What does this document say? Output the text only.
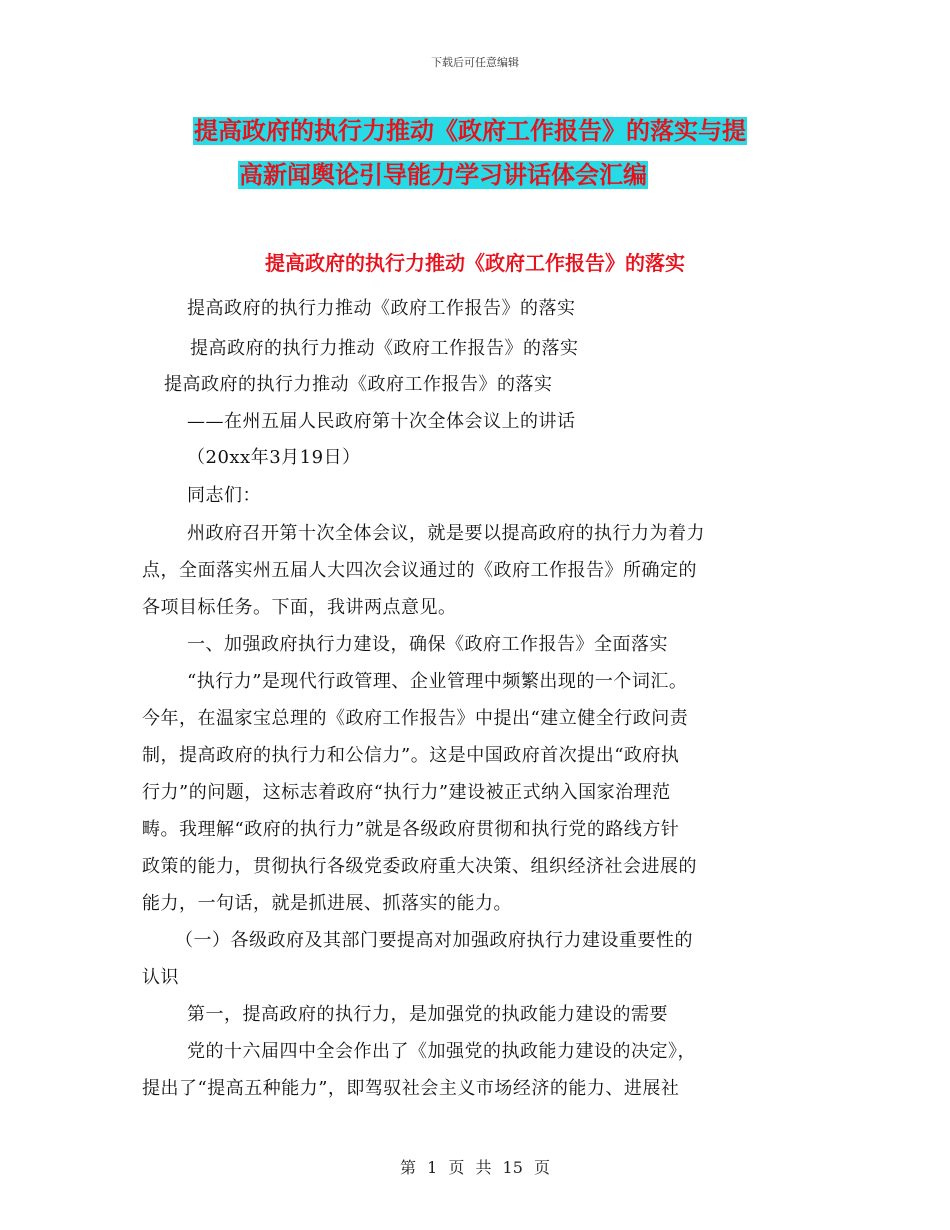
下载后可任意编辑
提高政府的执行力推动《政府工作报告》的落实与提
高新闻舆论引导能力学习讲话体会汇编
提高政府的执行力推动《政府工作报告》的落实
提高政府的执行力推动《政府工作报告》的落实
提高政府的执行力推动《政府工作报告》的落实
提高政府的执行力推动《政府工作报告》的落实
——在州五届人民政府第十次全体会议上的讲话
（20xx年3月19日）
同志们：
州政府召开第十次全体会议，就是要以提高政府的执行力为着力
点，全面落实州五届人大四次会议通过的《政府工作报告》所确定的
各项目标任务。下面，我讲两点意见。
一、加强政府执行力建设，确保《政府工作报告》全面落实
“执行力”是现代行政管理、企业管理中频繁出现的一个词汇。
今年，在温家宝总理的《政府工作报告》中提出“建立健全行政问责
制，提高政府的执行力和公信力”。这是中国政府首次提出“政府执
行力”的问题，这标志着政府“执行力”建设被正式纳入国家治理范
畴。我理解“政府的执行力”就是各级政府贯彻和执行党的路线方针
政策的能力，贯彻执行各级党委政府重大决策、组织经济社会进展的
能力，一句话，就是抓进展、抓落实的能力。
（一）各级政府及其部门要提高对加强政府执行力建设重要性的
认识
第一，提高政府的执行力，是加强党的执政能力建设的需要
党的十六届四中全会作出了《加强党的执政能力建设的决定》，
提出了“提高五种能力”，即驾驭社会主义市场经济的能力、进展社
第 1 页 共 15 页
